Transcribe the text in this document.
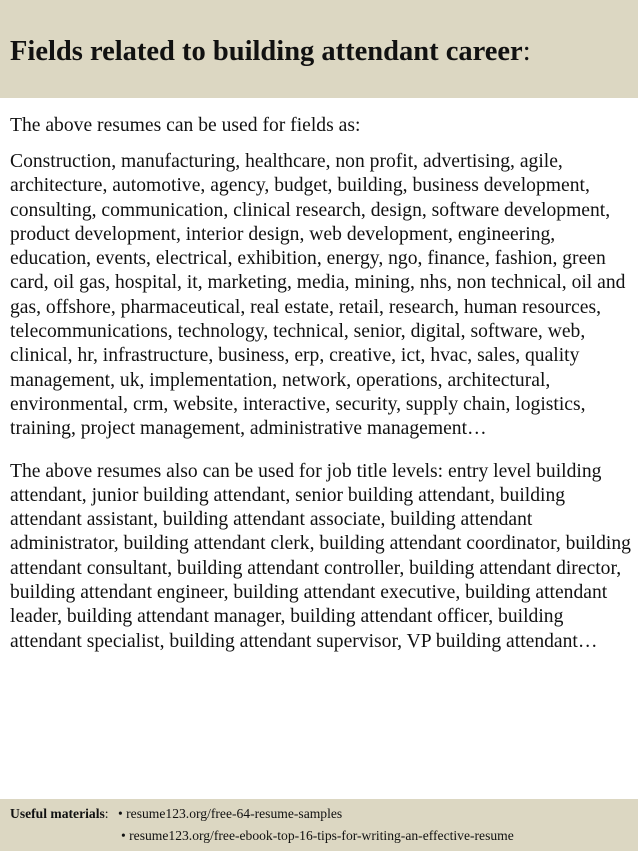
Fields related to building attendant career:

The above resumes can be used for fields as:

Construction, manufacturing, healthcare, non profit, advertising, agile, architecture, automotive, agency, budget, building, business development, consulting, communication, clinical research, design, software development, product development, interior design, web development, engineering, education, events, electrical, exhibition, energy, ngo, finance, fashion, green card, oil gas, hospital, it, marketing, media, mining, nhs, non technical, oil and gas, offshore, pharmaceutical, real estate, retail, research, human resources, telecommunications, technology, technical, senior, digital, software, web, clinical, hr, infrastructure, business, erp, creative, ict, hvac, sales, quality management, uk, implementation, network, operations, architectural, environmental, crm, website, interactive, security, supply chain, logistics, training, project management, administrative management…

The above resumes also can be used for job title levels: entry level building attendant, junior building attendant, senior building attendant, building attendant assistant, building attendant associate, building attendant administrator, building attendant clerk, building attendant coordinator, building attendant consultant, building attendant controller, building attendant director, building attendant engineer, building attendant executive, building attendant leader, building attendant manager, building attendant officer, building attendant specialist, building attendant supervisor, VP building attendant…

Useful materials: • resume123.org/free-64-resume-samples
• resume123.org/free-ebook-top-16-tips-for-writing-an-effective-resume
